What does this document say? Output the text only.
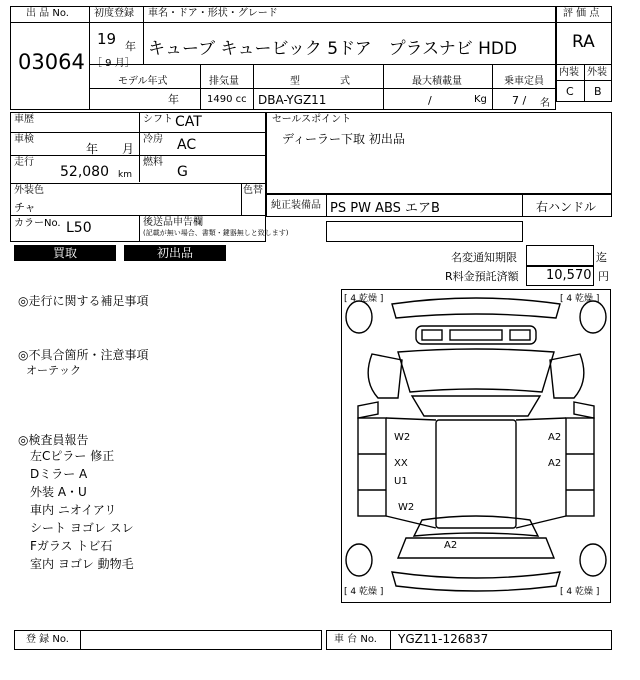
出 品 No.
03064
初度登録
19 年
［ 9 月］
車名・ドア・形状・グレード
キューブ キュービック 5ドア　プラスナビ HDD
モデル年式
年
排気量
1490 cc
型　　　　式
DBA-YGZ11
最大積載量
/	Kg
乗車定員
7 / 名
評 価 点
RA
内装 外装
C B
車歴	シフト CAT
車検
年 月
冷房 AC
走行
52,080 km
燃料
G
外装色
チャ
色替
カラーNo. L50	後送品申告欄
(記載が無い場合、書類・鍵器無しと致します)
セールスポイント
ディーラー下取 初出品
純正装備品 PS PW ABS エアB	右ハンドル
買取	初出品	名変通知期限	迄
R料金預託済額 10,570 円
◎走行に関する補足事項
◎不具合箇所・注意事項
オーテック
◎検査員報告
左Cピラー 修正
Dミラー A
外装 A・U
車内 ニオイアリ
シート ヨゴレ スレ
Fガラス トビ石
室内 ヨゴレ 動物毛
[ 4 乾燥 ]	[ 4 乾燥 ]
[ 4 乾燥 ]	[ 4 乾燥 ]
W2	A2
XX
U1
A2
W2
A2
登 録 No.	車 台 No. YGZ11-126837
